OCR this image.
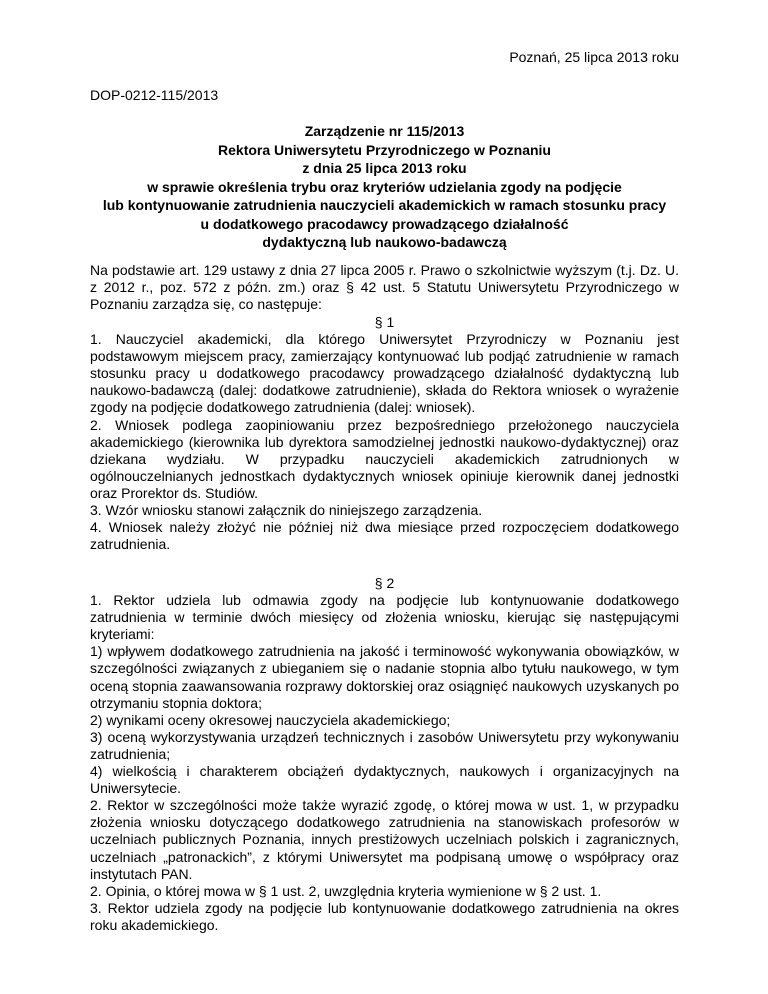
Poznań, 25 lipca 2013 roku
DOP-0212-115/2013
Zarządzenie nr 115/2013
Rektora Uniwersytetu Przyrodniczego w Poznaniu
z dnia 25 lipca 2013 roku
w sprawie określenia trybu oraz kryteriów udzielania zgody na podjęcie
lub kontynuowanie zatrudnienia nauczycieli akademickich w ramach stosunku pracy
u dodatkowego pracodawcy prowadzącego działalność
dydaktyczną lub naukowo-badawczą

Na podstawie art. 129 ustawy z dnia 27 lipca 2005 r. Prawo o szkolnictwie wyższym (t.j. Dz. U. z 2012 r., poz. 572 z późn. zm.) oraz § 42 ust. 5 Statutu Uniwersytetu Przyrodniczego w Poznaniu zarządza się, co następuje:

§ 1

1. Nauczyciel akademicki, dla którego Uniwersytet Przyrodniczy w Poznaniu jest podstawowym miejscem pracy, zamierzający kontynuować lub podjąć zatrudnienie w ramach stosunku pracy u dodatkowego pracodawcy prowadzącego działalność dydaktyczną lub naukowo-badawczą (dalej: dodatkowe zatrudnienie), składa do Rektora wniosek o wyrażenie zgody na podjęcie dodatkowego zatrudnienia (dalej: wniosek).

2. Wniosek podlega zaopiniowaniu przez bezpośredniego przełożonego nauczyciela akademickiego (kierownika lub dyrektora samodzielnej jednostki naukowo-dydaktycznej) oraz dziekana wydziału. W przypadku nauczycieli akademickich zatrudnionych w ogólnouczelnianych jednostkach dydaktycznych wniosek opiniuje kierownik danej jednostki oraz Prorektor ds. Studiów.

3. Wzór wniosku stanowi załącznik do niniejszego zarządzenia.

4. Wniosek należy złożyć nie później niż dwa miesiące przed rozpoczęciem dodatkowego zatrudnienia.

§ 2

1. Rektor udziela lub odmawia zgody na podjęcie lub kontynuowanie dodatkowego zatrudnienia w terminie dwóch miesięcy od złożenia wniosku, kierując się następującymi kryteriami:

1) wpływem dodatkowego zatrudnienia na jakość i terminowość wykonywania obowiązków, w szczególności związanych z ubieganiem się o nadanie stopnia albo tytułu naukowego, w tym oceną stopnia zaawansowania rozprawy doktorskiej oraz osiągnięć naukowych uzyskanych po otrzymaniu stopnia doktora;

2) wynikami oceny okresowej nauczyciela akademickiego;

3) oceną wykorzystywania urządzeń technicznych i zasobów Uniwersytetu przy wykonywaniu zatrudnienia;

4) wielkością i charakterem obciążeń dydaktycznych, naukowych i organizacyjnych na Uniwersytecie.

2. Rektor w szczególności może także wyrazić zgodę, o której mowa w ust. 1, w przypadku złożenia wniosku dotyczącego dodatkowego zatrudnienia na stanowiskach profesorów w uczelniach publicznych Poznania, innych prestiżowych uczelniach polskich i zagranicznych, uczelniach „patronackich”, z którymi Uniwersytet ma podpisaną umowę o współpracy oraz instytutach PAN.

2. Opinia, o której mowa w § 1 ust. 2, uwzględnia kryteria wymienione w § 2 ust. 1.

3. Rektor udziela zgody na podjęcie lub kontynuowanie dodatkowego zatrudnienia na okres roku akademickiego.
